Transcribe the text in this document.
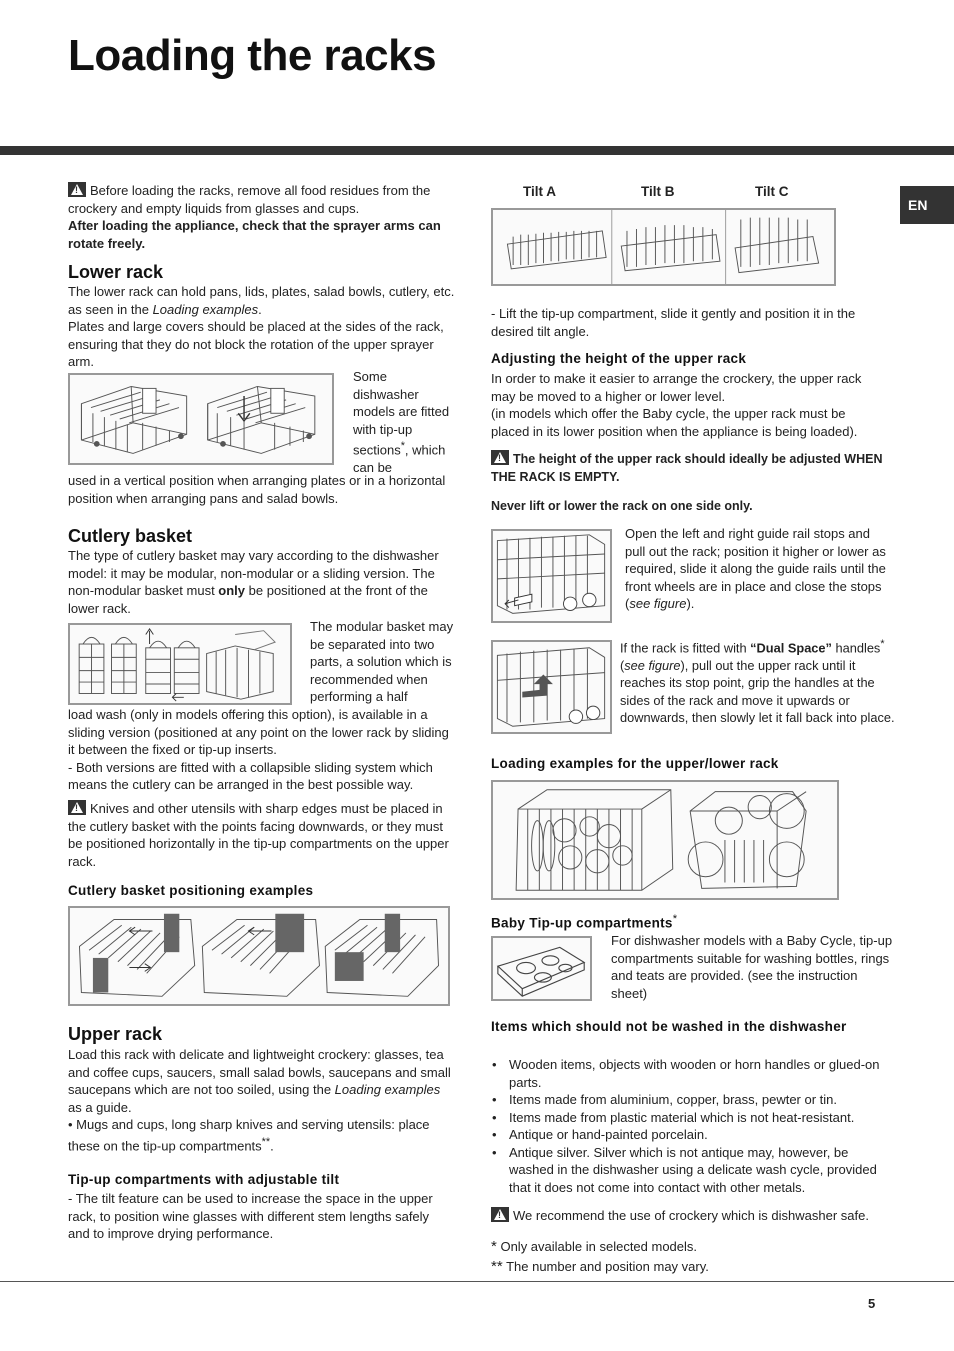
Loading the racks
EN

!Before loading the racks, remove all food residues from the crockery and empty liquids from glasses and cups.

After loading the appliance, check that the sprayer arms can rotate freely.

Lower rack

The lower rack can hold pans, lids, plates, salad bowls, cutlery, etc. as seen in the Loading examples.

Plates and large covers should be placed at the sides of the rack, ensuring that they do not block the rotation of the upper sprayer arm.

Some dishwasher models are fitted with tip-up sections*, which can be
used in a vertical position when arranging plates or in a horizontal position when arranging pans and salad bowls.
Cutlery basket

The type of cutlery basket may vary according to the dishwasher model: it may be modular, non-modular or a sliding version. The non-modular basket must only be positioned at the front of the lower rack.

The modular basket may be separated into two parts, a solution which is recommended when performing a half

load wash (only in models offering this option), is available in a sliding version (positioned at any point on the lower rack by sliding it between the fixed or tip-up inserts.

- Both versions are fitted with a collapsible sliding system which means the cutlery can be arranged in the best possible way.

!Knives and other utensils with sharp edges must be placed in the cutlery basket with the points facing downwards, or they must be positioned horizontally in the tip-up compartments on the upper rack.
Cutlery basket positioning examples
Upper rack

Load this rack with delicate and lightweight crockery: glasses, tea and coffee cups, saucers, small salad bowls, saucepans and small saucepans which are not too soiled, using the Loading examples as a guide.

• Mugs and cups, long sharp knives and serving utensils: place these on the tip-up compartments**.

Tip-up compartments with adjustable tilt
- The tilt feature can be used to increase the space in the upper rack, to position wine glasses with different stem lengths safely and to improve drying performance.
Tilt A	Tilt B	Tilt C
- Lift the tip-up compartment, slide it gently and position it in the desired tilt angle.
Adjusting the height of the upper rack

In order to make it easier to arrange the crockery, the upper rack may be moved to a higher or lower level.

(in models which offer the Baby cycle, the upper rack must be placed in its lower position when the appliance is being loaded).

!The height of the upper rack should ideally be adjusted WHEN THE RACK IS EMPTY.
Never lift or lower the rack on one side only.
Open the left and right guide rail stops and pull out the rack; position it higher or lower as required, slide it along the guide rails until the front wheels are in place and close the stops (see figure).
If the rack is fitted with “Dual Space” handles* (see figure), pull out the upper rack until it reaches its stop point, grip the handles at the sides of the rack and move it upwards or downwards, then slowly let it fall back into place.
Loading examples for the upper/lower rack
Baby Tip-up compartments*
For dishwasher models with a Baby Cycle, tip-up compartments suitable for washing bottles, rings and teats are provided. (see the instruction sheet)
Items which should not be washed in the dishwasher
• Wooden items, objects with wooden or horn handles or glued-on parts.
• Items made from aluminium, copper, brass, pewter or tin.
• Items made from plastic material which is not heat-resistant.
• Antique or hand-painted porcelain.
• Antique silver. Silver which is not antique may, however, be washed in the dishwasher using a delicate wash cycle, provided that it does not come into contact with other metals.
!We recommend the use of crockery which is dishwasher safe.

* Only available in selected models.

** The number and position may vary.

5
